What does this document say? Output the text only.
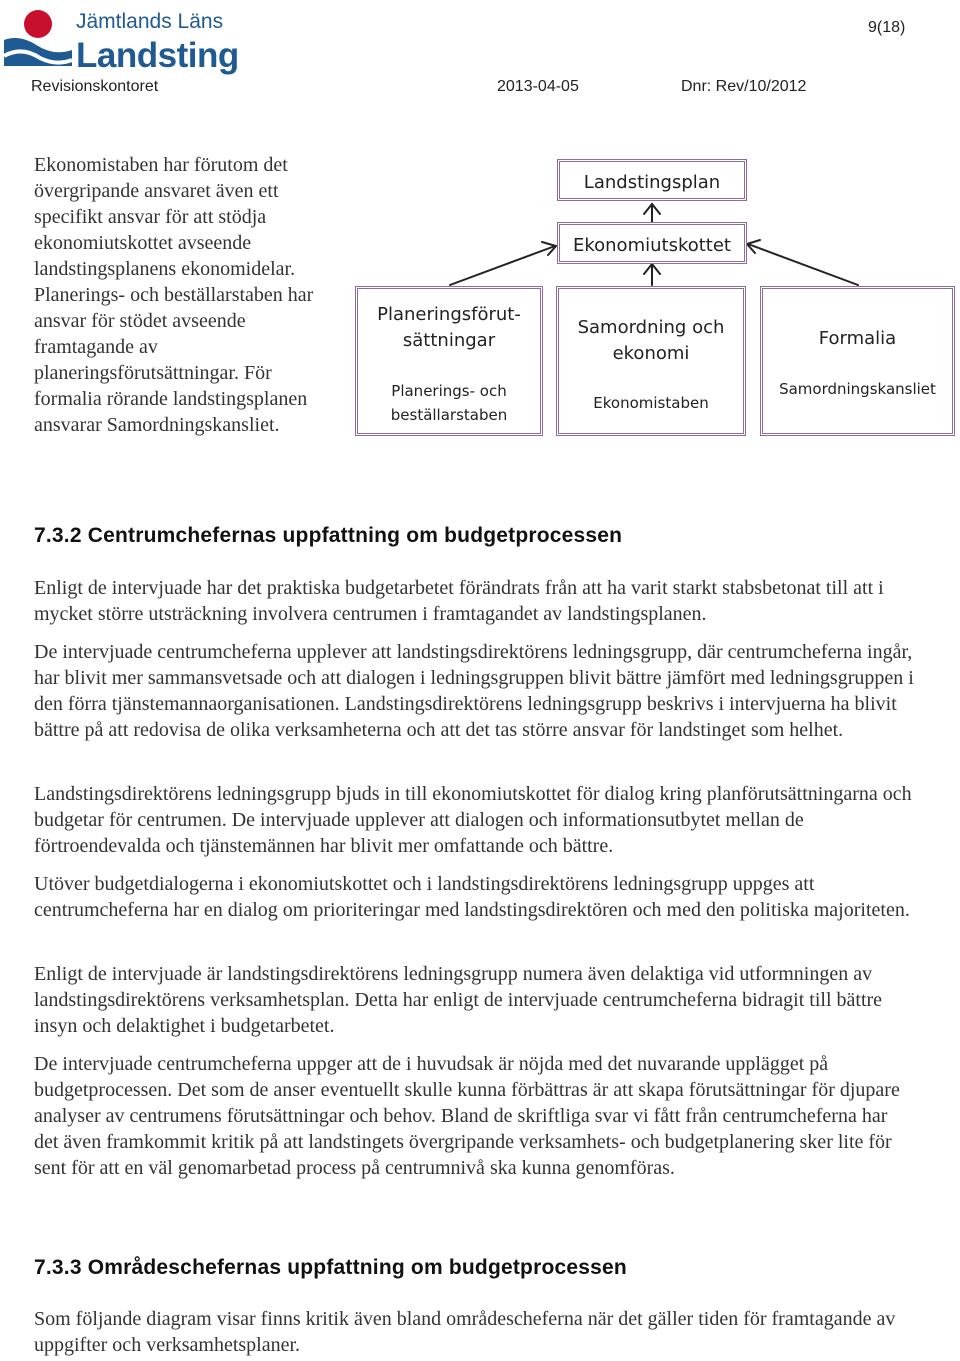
Jämtlands Läns
Landsting
9(18)
Revisionskontoret	2013-04-05	Dnr: Rev/10/2012
Ekonomistaben har förutom det övergripande ansvaret även ett specifikt ansvar för att stödja ekonomiutskottet avseende landstingsplanens ekonomidelar. Planerings- och beställarstaben har ansvar för stödet avseende framtagande av planeringsförutsättningar. För formalia rörande landstingsplanen ansvarar Samordningskansliet.
Landstingsplan
Ekonomiutskottet
Planeringsförut-
sättningar
Planerings- och
beställarstaben
Samordning och
ekonomi
Ekonomistaben
Formalia
Samordningskansliet
7.3.2 Centrumchefernas uppfattning om budgetprocessen
Enligt de intervjuade har det praktiska budgetarbetet förändrats från att ha varit starkt stabsbetonat till att i mycket större utsträckning involvera centrumen i framtagandet av landstingsplanen.
De intervjuade centrumcheferna upplever att landstingsdirektörens ledningsgrupp, där centrumcheferna ingår, har blivit mer sammansvetsade och att dialogen i ledningsgruppen blivit bättre jämfört med ledningsgruppen i den förra tjänstemannaorganisationen. Landstingsdirektörens ledningsgrupp beskrivs i intervjuerna ha blivit bättre på att redovisa de olika verksamheterna och att det tas större ansvar för landstinget som helhet.
Landstingsdirektörens ledningsgrupp bjuds in till ekonomiutskottet för dialog kring planförutsättningarna och budgetar för centrumen. De intervjuade upplever att dialogen och informationsutbytet mellan de förtroendevalda och tjänstemännen har blivit mer omfattande och bättre.
Utöver budgetdialogerna i ekonomiutskottet och i landstingsdirektörens ledningsgrupp uppges att centrumcheferna har en dialog om prioriteringar med landstingsdirektören och med den politiska majoriteten.
Enligt de intervjuade är landstingsdirektörens ledningsgrupp numera även delaktiga vid utformningen av landstingsdirektörens verksamhetsplan. Detta har enligt de intervjuade centrumcheferna bidragit till bättre insyn och delaktighet i budgetarbetet.
De intervjuade centrumcheferna uppger att de i huvudsak är nöjda med det nuvarande upplägget på budgetprocessen. Det som de anser eventuellt skulle kunna förbättras är att skapa förutsättningar för djupare analyser av centrumens förutsättningar och behov. Bland de skriftliga svar vi fått från centrumcheferna har det även framkommit kritik på att landstingets övergripande verksamhets- och budgetplanering sker lite för sent för att en väl genomarbetad process på centrumnivå ska kunna genomföras.
7.3.3 Områdeschefernas uppfattning om budgetprocessen
Som följande diagram visar finns kritik även bland områdescheferna när det gäller tiden för framtagande av uppgifter och verksamhetsplaner.
